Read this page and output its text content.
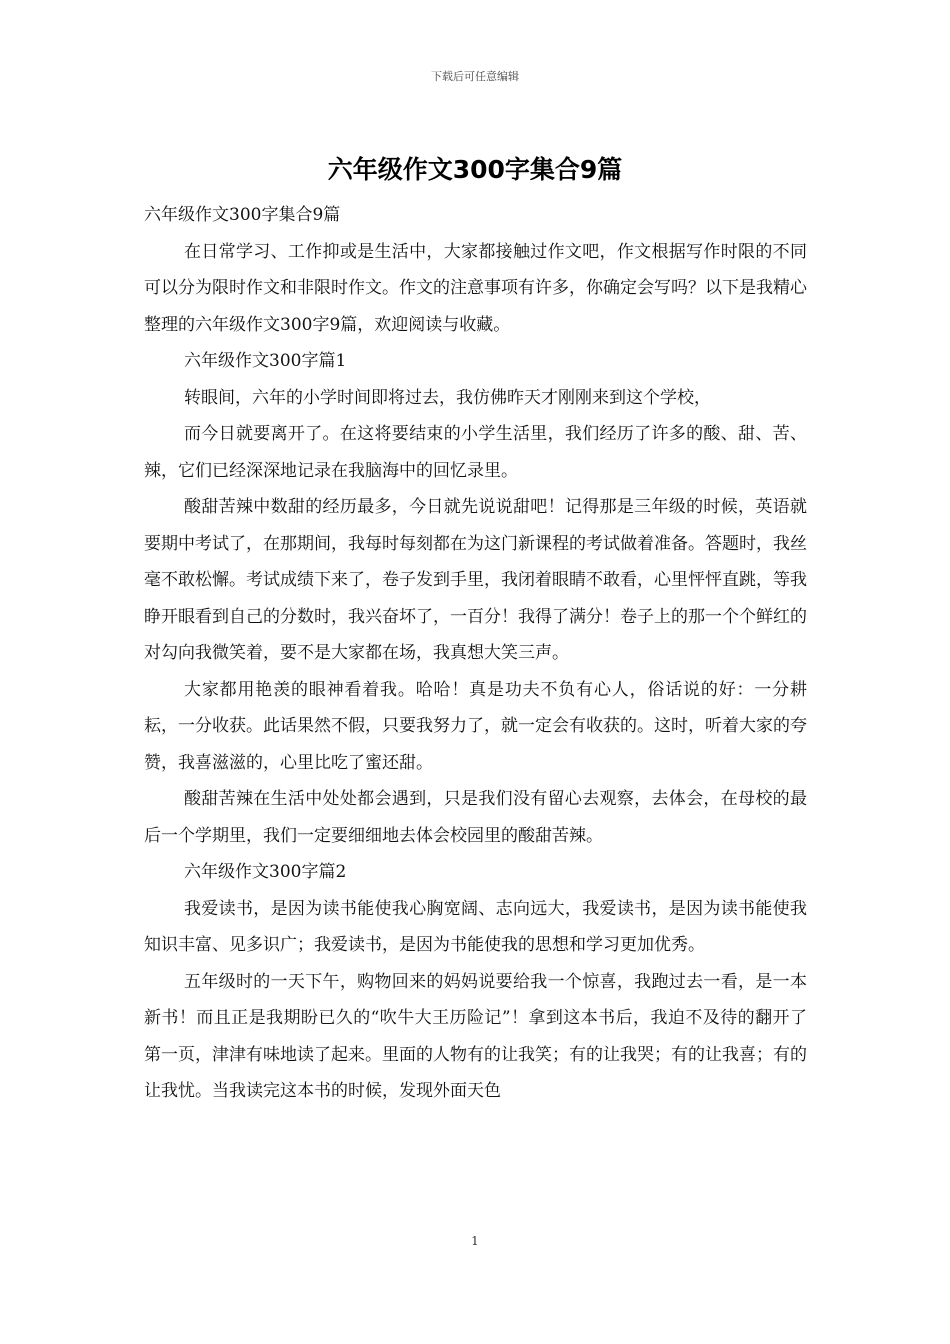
下载后可任意编辑
六年级作文300字集合9篇

六年级作文300字集合9篇

在日常学习、工作抑或是生活中，大家都接触过作文吧，作文根据写作时限的不同可以分为限时作文和非限时作文。作文的注意事项有许多，你确定会写吗？以下是我精心整理的六年级作文300字9篇，欢迎阅读与收藏。

六年级作文300字篇1

转眼间，六年的小学时间即将过去，我仿佛昨天才刚刚来到这个学校，

而今日就要离开了。在这将要结束的小学生活里，我们经历了许多的酸、甜、苦、辣，它们已经深深地记录在我脑海中的回忆录里。

酸甜苦辣中数甜的经历最多，今日就先说说甜吧！记得那是三年级的时候，英语就要期中考试了，在那期间，我每时每刻都在为这门新课程的考试做着准备。答题时，我丝毫不敢松懈。考试成绩下来了，卷子发到手里，我闭着眼睛不敢看，心里怦怦直跳，等我睁开眼看到自己的分数时，我兴奋坏了，一百分！我得了满分！卷子上的那一个个鲜红的对勾向我微笑着，要不是大家都在场，我真想大笑三声。

大家都用艳羡的眼神看着我。哈哈！真是功夫不负有心人，俗话说的好：一分耕耘，一分收获。此话果然不假，只要我努力了，就一定会有收获的。这时，听着大家的夸赞，我喜滋滋的，心里比吃了蜜还甜。

酸甜苦辣在生活中处处都会遇到，只是我们没有留心去观察，去体会，在母校的最后一个学期里，我们一定要细细地去体会校园里的酸甜苦辣。

六年级作文300字篇2

我爱读书，是因为读书能使我心胸宽阔、志向远大，我爱读书，是因为读书能使我知识丰富、见多识广；我爱读书，是因为书能使我的思想和学习更加优秀。

五年级时的一天下午，购物回来的妈妈说要给我一个惊喜，我跑过去一看，是一本新书！而且正是我期盼已久的“吹牛大王历险记”！拿到这本书后，我迫不及待的翻开了第一页，津津有味地读了起来。里面的人物有的让我笑；有的让我哭；有的让我喜；有的让我忧。当我读完这本书的时候，发现外面天色

1
